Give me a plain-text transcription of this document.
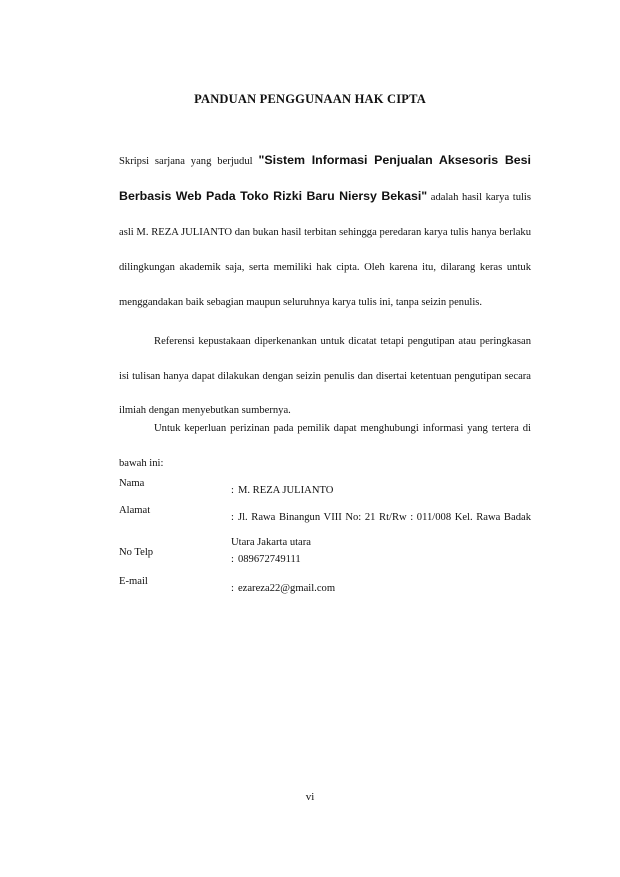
PANDUAN PENGGUNAAN HAK CIPTA

Skripsi sarjana yang berjudul "Sistem Informasi Penjualan Aksesoris Besi Berbasis Web Pada Toko Rizki Baru Niersy Bekasi" adalah hasil karya tulis asli M. REZA JULIANTO dan bukan hasil terbitan sehingga peredaran karya tulis hanya berlaku dilingkungan akademik saja, serta memiliki hak cipta. Oleh karena itu, dilarang keras untuk menggandakan baik sebagian maupun seluruhnya karya tulis ini, tanpa seizin penulis.

Referensi kepustakaan diperkenankan untuk dicatat tetapi pengutipan atau peringkasan isi tulisan hanya dapat dilakukan dengan seizin penulis dan disertai ketentuan pengutipan secara ilmiah dengan menyebutkan sumbernya.

Untuk keperluan perizinan pada pemilik dapat menghubungi informasi yang tertera di bawah ini:

Nama
: M. REZA JULIANTO
Alamat
: Jl. Rawa Binangun VIII No: 21 Rt/Rw : 011/008 Kel. Rawa Badak Utara Jakarta utara
No Telp
: 089672749111
E-mail
: ezareza22@gmail.com
vi
